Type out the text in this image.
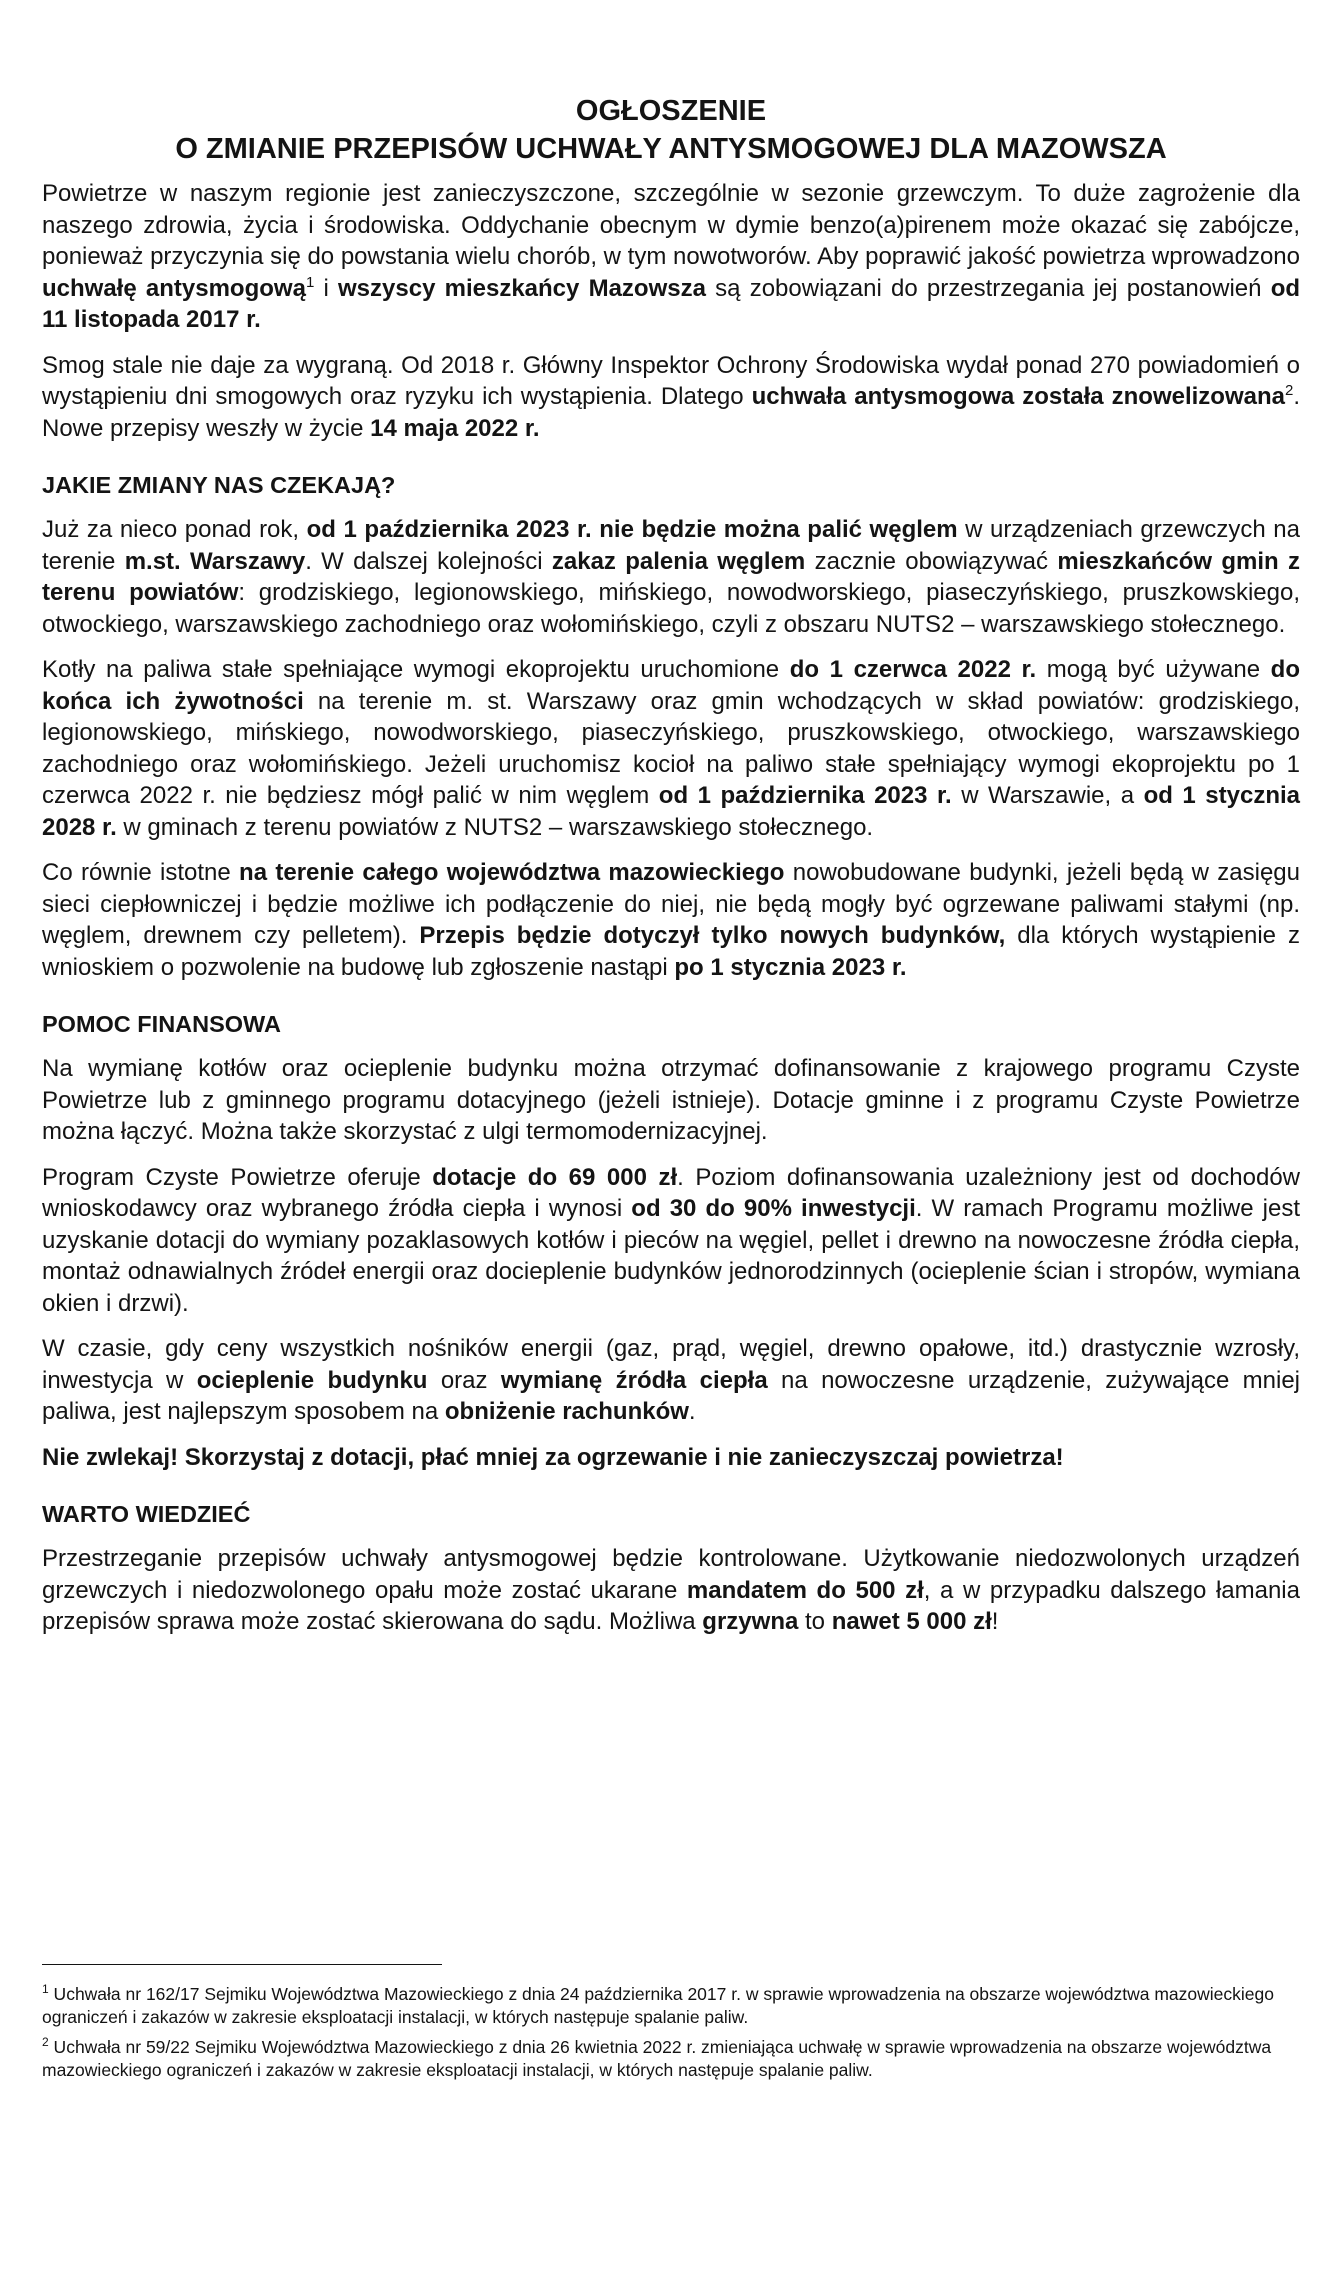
OGŁOSZENIE
O ZMIANIE PRZEPISÓW UCHWAŁY ANTYSMOGOWEJ DLA MAZOWSZA

Powietrze w naszym regionie jest zanieczyszczone, szczególnie w sezonie grzewczym. To duże zagrożenie dla naszego zdrowia, życia i środowiska. Oddychanie obecnym w dymie benzo(a)pirenem może okazać się zabójcze, ponieważ przyczynia się do powstania wielu chorób, w tym nowotworów. Aby poprawić jakość powietrza wprowadzono uchwałę antysmogową$^1$ i wszyscy mieszkańcy Mazowsza są zobowiązani do przestrzegania jej postanowień od 11 listopada 2017 r.

Smog stale nie daje za wygraną. Od 2018 r. Główny Inspektor Ochrony Środowiska wydał ponad 270 powiadomień o wystąpieniu dni smogowych oraz ryzyku ich wystąpienia. Dlatego uchwała antysmogowa została znowelizowana$^2$. Nowe przepisy weszły w życie 14 maja 2022 r.

JAKIE ZMIANY NAS CZEKAJĄ?

Już za nieco ponad rok, od 1 października 2023 r. nie będzie można palić węglem w urządzeniach grzewczych na terenie m.st. Warszawy. W dalszej kolejności zakaz palenia węglem zacznie obowiązywać mieszkańców gmin z terenu powiatów: grodziskiego, legionowskiego, mińskiego, nowodworskiego, piaseczyńskiego, pruszkowskiego, otwockiego, warszawskiego zachodniego oraz wołomińskiego, czyli z obszaru NUTS2 – warszawskiego stołecznego.

Kotły na paliwa stałe spełniające wymogi ekoprojektu uruchomione do 1 czerwca 2022 r. mogą być używane do końca ich żywotności na terenie m. st. Warszawy oraz gmin wchodzących w skład powiatów: grodziskiego, legionowskiego, mińskiego, nowodworskiego, piaseczyńskiego, pruszkowskiego, otwockiego, warszawskiego zachodniego oraz wołomińskiego. Jeżeli uruchomisz kocioł na paliwo stałe spełniający wymogi ekoprojektu po 1 czerwca 2022 r. nie będziesz mógł palić w nim węglem od 1 października 2023 r. w Warszawie, a od 1 stycznia 2028 r. w gminach z terenu powiatów z NUTS2 – warszawskiego stołecznego.

Co równie istotne na terenie całego województwa mazowieckiego nowobudowane budynki, jeżeli będą w zasięgu sieci ciepłowniczej i będzie możliwe ich podłączenie do niej, nie będą mogły być ogrzewane paliwami stałymi (np. węglem, drewnem czy pelletem). Przepis będzie dotyczył tylko nowych budynków, dla których wystąpienie z wnioskiem o pozwolenie na budowę lub zgłoszenie nastąpi po 1 stycznia 2023 r.

POMOC FINANSOWA

Na wymianę kotłów oraz ocieplenie budynku można otrzymać dofinansowanie z krajowego programu Czyste Powietrze lub z gminnego programu dotacyjnego (jeżeli istnieje). Dotacje gminne i z programu Czyste Powietrze można łączyć. Można także skorzystać z ulgi termomodernizacyjnej.

Program Czyste Powietrze oferuje dotacje do 69 000 zł. Poziom dofinansowania uzależniony jest od dochodów wnioskodawcy oraz wybranego źródła ciepła i wynosi od 30 do 90% inwestycji. W ramach Programu możliwe jest uzyskanie dotacji do wymiany pozaklasowych kotłów i pieców na węgiel, pellet i drewno na nowoczesne źródła ciepła, montaż odnawialnych źródeł energii oraz docieplenie budynków jednorodzinnych (ocieplenie ścian i stropów, wymiana okien i drzwi).

W czasie, gdy ceny wszystkich nośników energii (gaz, prąd, węgiel, drewno opałowe, itd.) drastycznie wzrosły, inwestycja w ocieplenie budynku oraz wymianę źródła ciepła na nowoczesne urządzenie, zużywające mniej paliwa, jest najlepszym sposobem na obniżenie rachunków.

Nie zwlekaj! Skorzystaj z dotacji, płać mniej za ogrzewanie i nie zanieczyszczaj powietrza!

WARTO WIEDZIEĆ

Przestrzeganie przepisów uchwały antysmogowej będzie kontrolowane. Użytkowanie niedozwolonych urządzeń grzewczych i niedozwolonego opału może zostać ukarane mandatem do 500 zł, a w przypadku dalszego łamania przepisów sprawa może zostać skierowana do sądu. Możliwa grzywna to nawet 5 000 zł!

$^1$ Uchwała nr 162/17 Sejmiku Województwa Mazowieckiego z dnia 24 października 2017 r. w sprawie wprowadzenia na obszarze województwa mazowieckiego ograniczeń i zakazów w zakresie eksploatacji instalacji, w których następuje spalanie paliw.

$^2$ Uchwała nr 59/22 Sejmiku Województwa Mazowieckiego z dnia 26 kwietnia 2022 r. zmieniająca uchwałę w sprawie wprowadzenia na obszarze województwa mazowieckiego ograniczeń i zakazów w zakresie eksploatacji instalacji, w których następuje spalanie paliw.
